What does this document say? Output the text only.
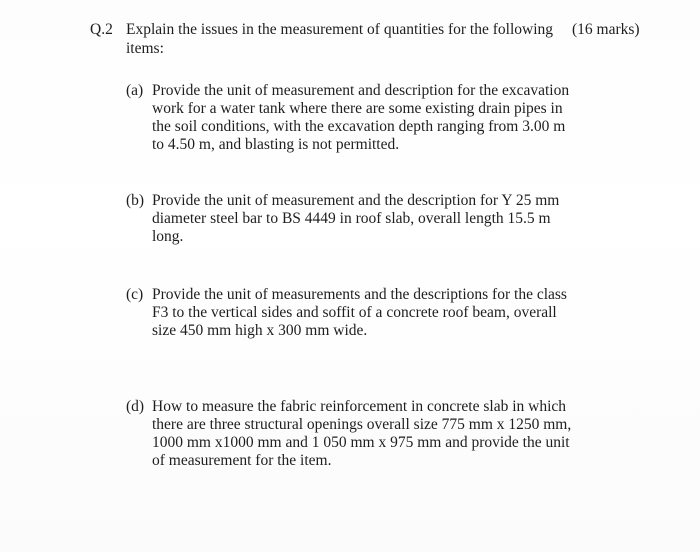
Q.2 Explain the issues in the measurement of quantities for the following
items:
(16 marks)
(a) Provide the unit of measurement and description for the excavation
work for a water tank where there are some existing drain pipes in
the soil conditions, with the excavation depth ranging from 3.00 m
to 4.50 m, and blasting is not permitted.
(b) Provide the unit of measurement and the description for Y 25 mm
diameter steel bar to BS 4449 in roof slab, overall length 15.5 m
long.
(c) Provide the unit of measurements and the descriptions for the class
F3 to the vertical sides and soffit of a concrete roof beam, overall
size 450 mm high x 300 mm wide.
(d) How to measure the fabric reinforcement in concrete slab in which
there are three structural openings overall size 775 mm x 1250 mm,
1000 mm x1000 mm and 1 050 mm x 975 mm and provide the unit
of measurement for the item.
